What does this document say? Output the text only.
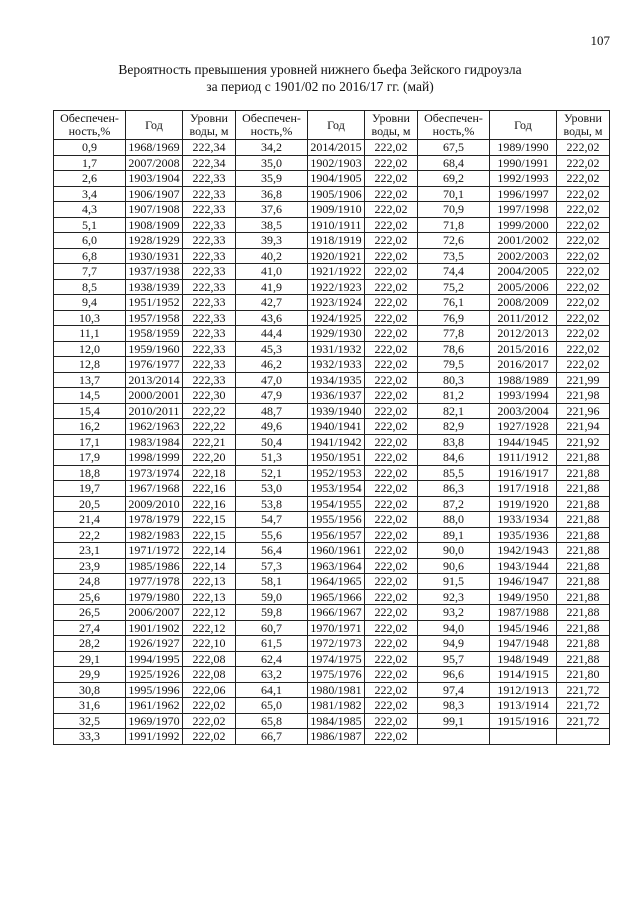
107
Вероятность превышения уровней нижнего бьефа Зейского гидроузла
за период с 1901/02 по 2016/17 гг. (май)
Обеспечен-ность,%	Год	Уровни воды, м	Обеспечен-ность,%	Год	Уровни воды, м	Обеспечен-ность,%	Год	Уровни воды, м
0,9	1968/1969	222,34	34,2	2014/2015	222,02	67,5	1989/1990	222,02
1,7	2007/2008	222,34	35,0	1902/1903	222,02	68,4	1990/1991	222,02
2,6	1903/1904	222,33	35,9	1904/1905	222,02	69,2	1992/1993	222,02
3,4	1906/1907	222,33	36,8	1905/1906	222,02	70,1	1996/1997	222,02
4,3	1907/1908	222,33	37,6	1909/1910	222,02	70,9	1997/1998	222,02
5,1	1908/1909	222,33	38,5	1910/1911	222,02	71,8	1999/2000	222,02
6,0	1928/1929	222,33	39,3	1918/1919	222,02	72,6	2001/2002	222,02
6,8	1930/1931	222,33	40,2	1920/1921	222,02	73,5	2002/2003	222,02
7,7	1937/1938	222,33	41,0	1921/1922	222,02	74,4	2004/2005	222,02
8,5	1938/1939	222,33	41,9	1922/1923	222,02	75,2	2005/2006	222,02
9,4	1951/1952	222,33	42,7	1923/1924	222,02	76,1	2008/2009	222,02
10,3	1957/1958	222,33	43,6	1924/1925	222,02	76,9	2011/2012	222,02
11,1	1958/1959	222,33	44,4	1929/1930	222,02	77,8	2012/2013	222,02
12,0	1959/1960	222,33	45,3	1931/1932	222,02	78,6	2015/2016	222,02
12,8	1976/1977	222,33	46,2	1932/1933	222,02	79,5	2016/2017	222,02
13,7	2013/2014	222,33	47,0	1934/1935	222,02	80,3	1988/1989	221,99
14,5	2000/2001	222,30	47,9	1936/1937	222,02	81,2	1993/1994	221,98
15,4	2010/2011	222,22	48,7	1939/1940	222,02	82,1	2003/2004	221,96
16,2	1962/1963	222,22	49,6	1940/1941	222,02	82,9	1927/1928	221,94
17,1	1983/1984	222,21	50,4	1941/1942	222,02	83,8	1944/1945	221,92
17,9	1998/1999	222,20	51,3	1950/1951	222,02	84,6	1911/1912	221,88
18,8	1973/1974	222,18	52,1	1952/1953	222,02	85,5	1916/1917	221,88
19,7	1967/1968	222,16	53,0	1953/1954	222,02	86,3	1917/1918	221,88
20,5	2009/2010	222,16	53,8	1954/1955	222,02	87,2	1919/1920	221,88
21,4	1978/1979	222,15	54,7	1955/1956	222,02	88,0	1933/1934	221,88
22,2	1982/1983	222,15	55,6	1956/1957	222,02	89,1	1935/1936	221,88
23,1	1971/1972	222,14	56,4	1960/1961	222,02	90,0	1942/1943	221,88
23,9	1985/1986	222,14	57,3	1963/1964	222,02	90,6	1943/1944	221,88
24,8	1977/1978	222,13	58,1	1964/1965	222,02	91,5	1946/1947	221,88
25,6	1979/1980	222,13	59,0	1965/1966	222,02	92,3	1949/1950	221,88
26,5	2006/2007	222,12	59,8	1966/1967	222,02	93,2	1987/1988	221,88
27,4	1901/1902	222,12	60,7	1970/1971	222,02	94,0	1945/1946	221,88
28,2	1926/1927	222,10	61,5	1972/1973	222,02	94,9	1947/1948	221,88
29,1	1994/1995	222,08	62,4	1974/1975	222,02	95,7	1948/1949	221,88
29,9	1925/1926	222,08	63,2	1975/1976	222,02	96,6	1914/1915	221,80
30,8	1995/1996	222,06	64,1	1980/1981	222,02	97,4	1912/1913	221,72
31,6	1961/1962	222,02	65,0	1981/1982	222,02	98,3	1913/1914	221,72
32,5	1969/1970	222,02	65,8	1984/1985	222,02	99,1	1915/1916	221,72
33,3	1991/1992	222,02	66,7	1986/1987	222,02			
